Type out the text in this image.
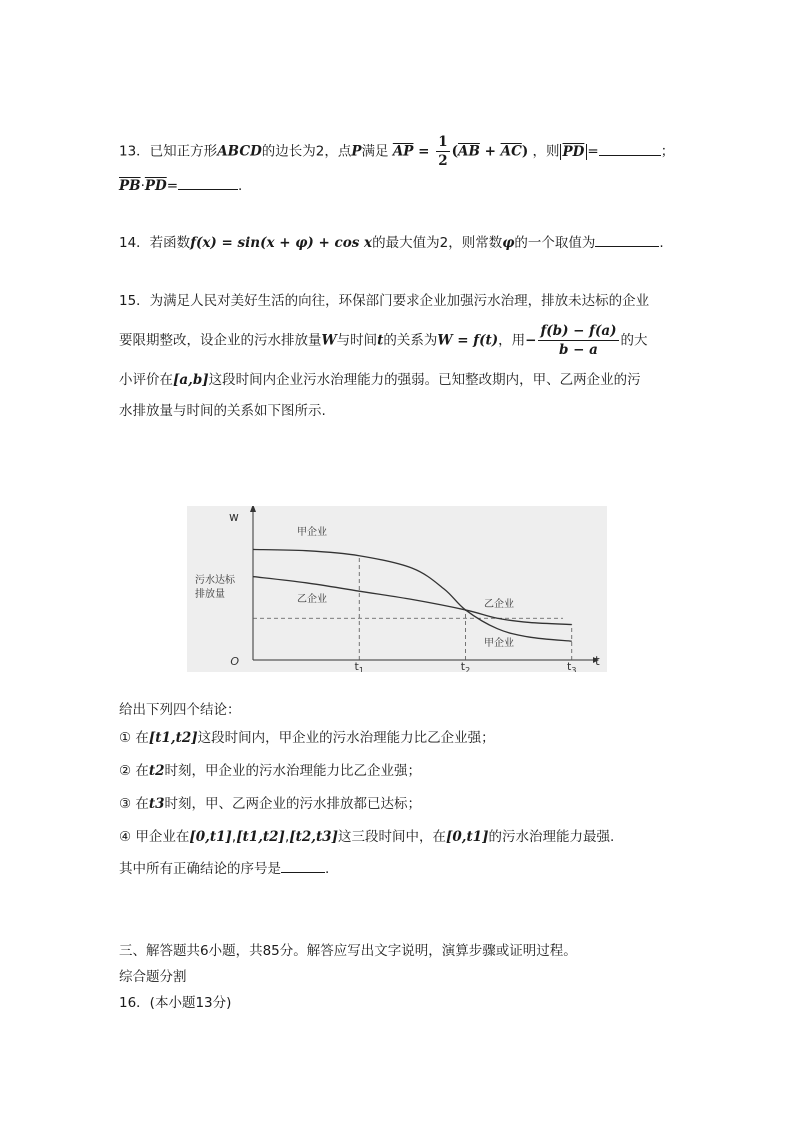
13．已知正方形ABCD的边长为2，点P满足 $\overline{AP} = \frac{1}{2} (\overline{AB} + \overline{AC})$ ，则 $\overline{PD}$ =	；
$\overline{PB}\cdot\overline{PD}=$	.
14．若函数f(x) = sin(x + φ) + cos x的最大值为2，则常数φ的一个取值为	.
15．为满足人民对美好生活的向往，环保部门要求企业加强污水治理，排放未达标的企业
要限期整改，设企业的污水排放量W与时间t的关系为W = f(t)，用− $\frac{f(b) - f(a)}{b - a}$ 的大
小评价在[a,b]这段时间内企业污水治理能力的强弱。已知整改期内，甲、乙两企业的污
水排放量与时间的关系如下图所示.
t
w
O
污水达标
排放量
$t_1$	$t_2$	$t_3$
甲企业
甲企业
乙企业	乙企业
给出下列四个结论：
① 在[t1,t2]这段时间内，甲企业的污水治理能力比乙企业强；
② 在t2时刻，甲企业的污水治理能力比乙企业强；
③ 在t3时刻，甲、乙两企业的污水排放都已达标；
④ 甲企业在[0,t1],[t1,t2],[t2,t3]这三段时间中，在[0,t1]的污水治理能力最强.
其中所有正确结论的序号是	.
三、解答题共6小题，共85分。解答应写出文字说明，演算步骤或证明过程。
综合题分割
16．(本小题13分)
